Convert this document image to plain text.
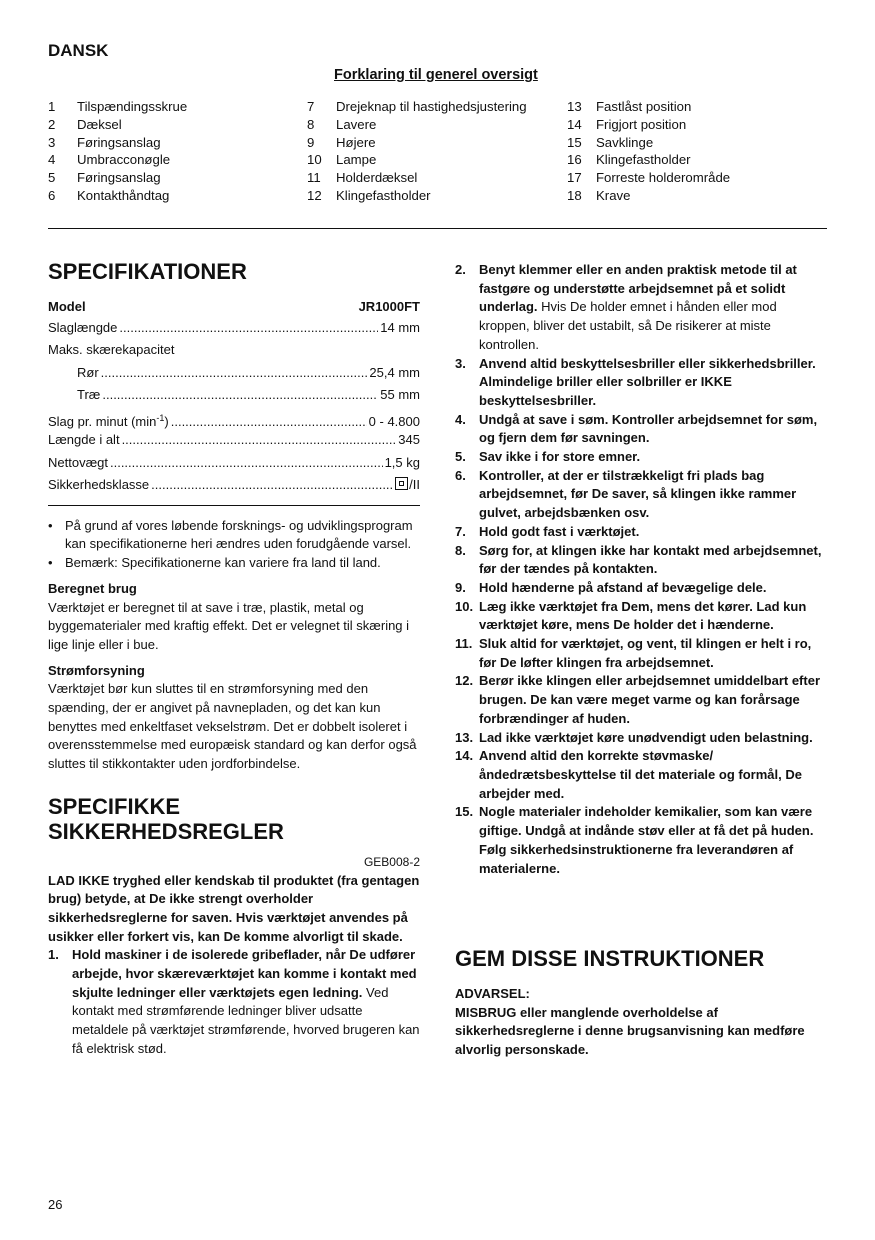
DANSK
Forklaring til generel oversigt
1	Tilspændingsskrue
2	Dæksel
3	Føringsanslag
4	Umbracconøgle
5	Føringsanslag
6	Kontakthåndtag
7	Drejeknap til hastighedsjustering
8	Lavere
9	Højere
10	Lampe
11	Holderdæksel
12	Klingefastholder
13	Fastlåst position
14	Frigjort position
15	Savklinge
16	Klingefastholder
17	Forreste holderområde
18	Krave
SPECIFIKATIONER
Model	JR1000FT
Slaglængde .....	14 mm
Maks. skærekapacitet
Rør .....	25,4 mm
Træ .....	55 mm
Slag pr. minut $(\min^{-1})$ .....	0 - 4.800
Længde i alt .....	345
Nettovægt .....	1,5 kg
Sikkerhedsklasse .....	/II
• På grund af vores løbende forsknings- og udviklingsprogram kan specifikationerne heri ændres uden forudgående varsel.
• Bemærk: Specifikationerne kan variere fra land til land.
Beregnet brug
Værktøjet er beregnet til at save i træ, plastik, metal og byggematerialer med kraftig effekt. Det er velegnet til skæring i lige linje eller i bue.
Strømforsyning
Værktøjet bør kun sluttes til en strømforsyning med den spænding, der er angivet på navnepladen, og det kan kun benyttes med enkeltfaset vekselstrøm. Det er dobbelt isoleret i overensstemmelse med europæisk standard og kan derfor også sluttes til stikkontakter uden jordforbindelse.
SPECIFIKKE SIKKERHEDSREGLER
GEB008-2
LAD IKKE tryghed eller kendskab til produktet (fra gentagen brug) betyde, at De ikke strengt overholder sikkerhedsreglerne for saven. Hvis værktøjet anvendes på usikker eller forkert vis, kan De komme alvorligt til skade.
1. Hold maskiner i de isolerede gribeflader, når De udfører arbejde, hvor skæreværktøjet kan komme i kontakt med skjulte ledninger eller værktøjets egen ledning. Ved kontakt med strømførende ledninger bliver udsatte metaldele på værktøjet strømførende, hvorved brugeren kan få elektrisk stød.
2. Benyt klemmer eller en anden praktisk metode til at fastgøre og understøtte arbejdsemnet på et solidt underlag. Hvis De holder emnet i hånden eller mod kroppen, bliver det ustabilt, så De risikerer at miste kontrollen.
3. Anvend altid beskyttelsesbriller eller sikkerhedsbriller. Almindelige briller eller solbriller er IKKE beskyttelsesbriller.
4. Undgå at save i søm. Kontroller arbejdsemnet for søm, og fjern dem før savningen.
5. Sav ikke i for store emner.
6. Kontroller, at der er tilstrækkeligt fri plads bag arbejdsemnet, før De saver, så klingen ikke rammer gulvet, arbejdsbænken osv.
7. Hold godt fast i værktøjet.
8. Sørg for, at klingen ikke har kontakt med arbejdsemnet, før der tændes på kontakten.
9. Hold hænderne på afstand af bevægelige dele.
10. Læg ikke værktøjet fra Dem, mens det kører. Lad kun værktøjet køre, mens De holder det i hænderne.
11. Sluk altid for værktøjet, og vent, til klingen er helt i ro, før De løfter klingen fra arbejdsemnet.
12. Berør ikke klingen eller arbejdsemnet umiddelbart efter brugen. De kan være meget varme og kan forårsage forbrændinger af huden.
13. Lad ikke værktøjet køre unødvendigt uden belastning.
14. Anvend altid den korrekte støvmaske/ åndedrætsbeskyttelse til det materiale og formål, De arbejder med.
15. Nogle materialer indeholder kemikalier, som kan være giftige. Undgå at indånde støv eller at få det på huden. Følg sikkerhedsinstruktionerne fra leverandøren af materialerne.
GEM DISSE INSTRUKTIONER
ADVARSEL:
MISBRUG eller manglende overholdelse af sikkerhedsreglerne i denne brugsanvisning kan medføre alvorlig personskade.
26
